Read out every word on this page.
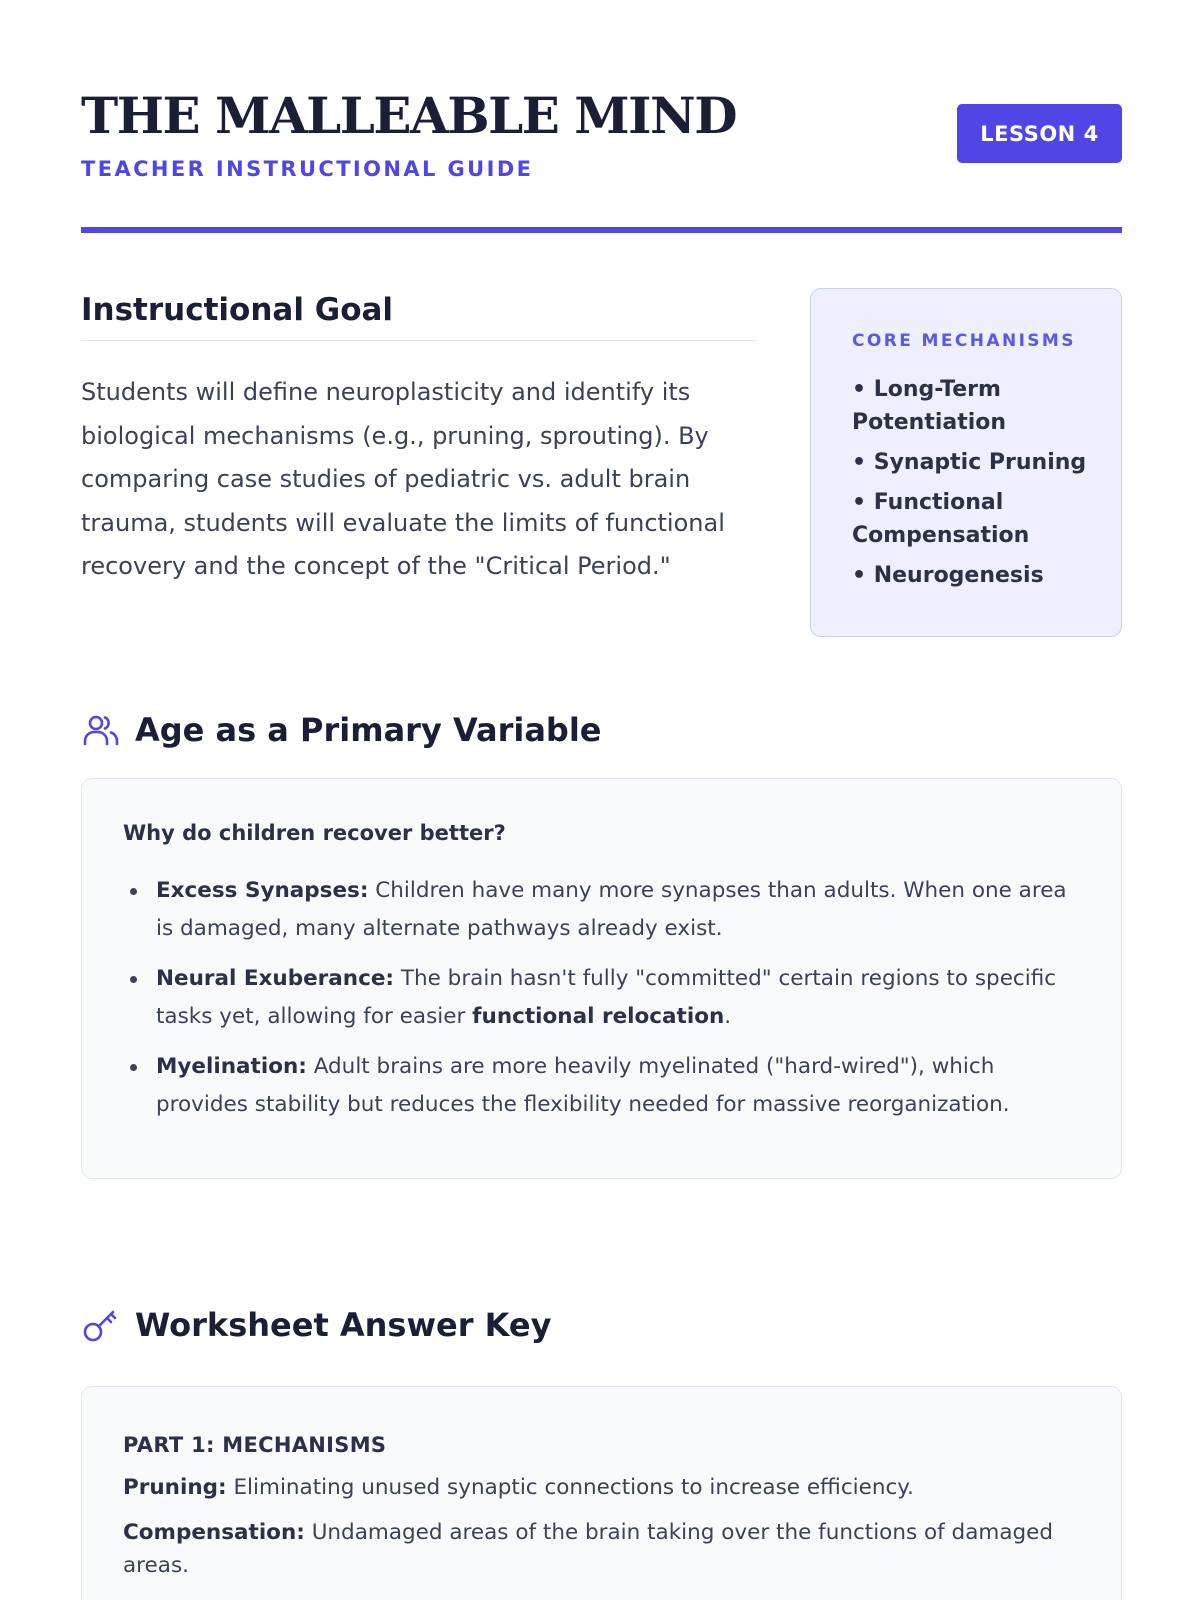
THE MALLEABLE MIND
TEACHER INSTRUCTIONAL GUIDE
LESSON 4
Instructional Goal

Students will define neuroplasticity and identify its biological mechanisms (e.g., pruning, sprouting). By comparing case studies of pediatric vs. adult brain trauma, students will evaluate the limits of functional recovery and the concept of the "Critical Period."

CORE MECHANISMS
• Long-Term Potentiation
• Synaptic Pruning
• Functional Compensation
• Neurogenesis
Age as a Primary Variable
Why do children recover better?
Excess Synapses: Children have many more synapses than adults. When one area is damaged, many alternate pathways already exist.
Neural Exuberance: The brain hasn't fully "committed" certain regions to specific tasks yet, allowing for easier functional relocation.
Myelination: Adult brains are more heavily myelinated ("hard-wired"), which provides stability but reduces the flexibility needed for massive reorganization.
Worksheet Answer Key
PART 1: MECHANISMS
Pruning: Eliminating unused synaptic connections to increase efficiency.
Compensation: Undamaged areas of the brain taking over the functions of damaged areas.
